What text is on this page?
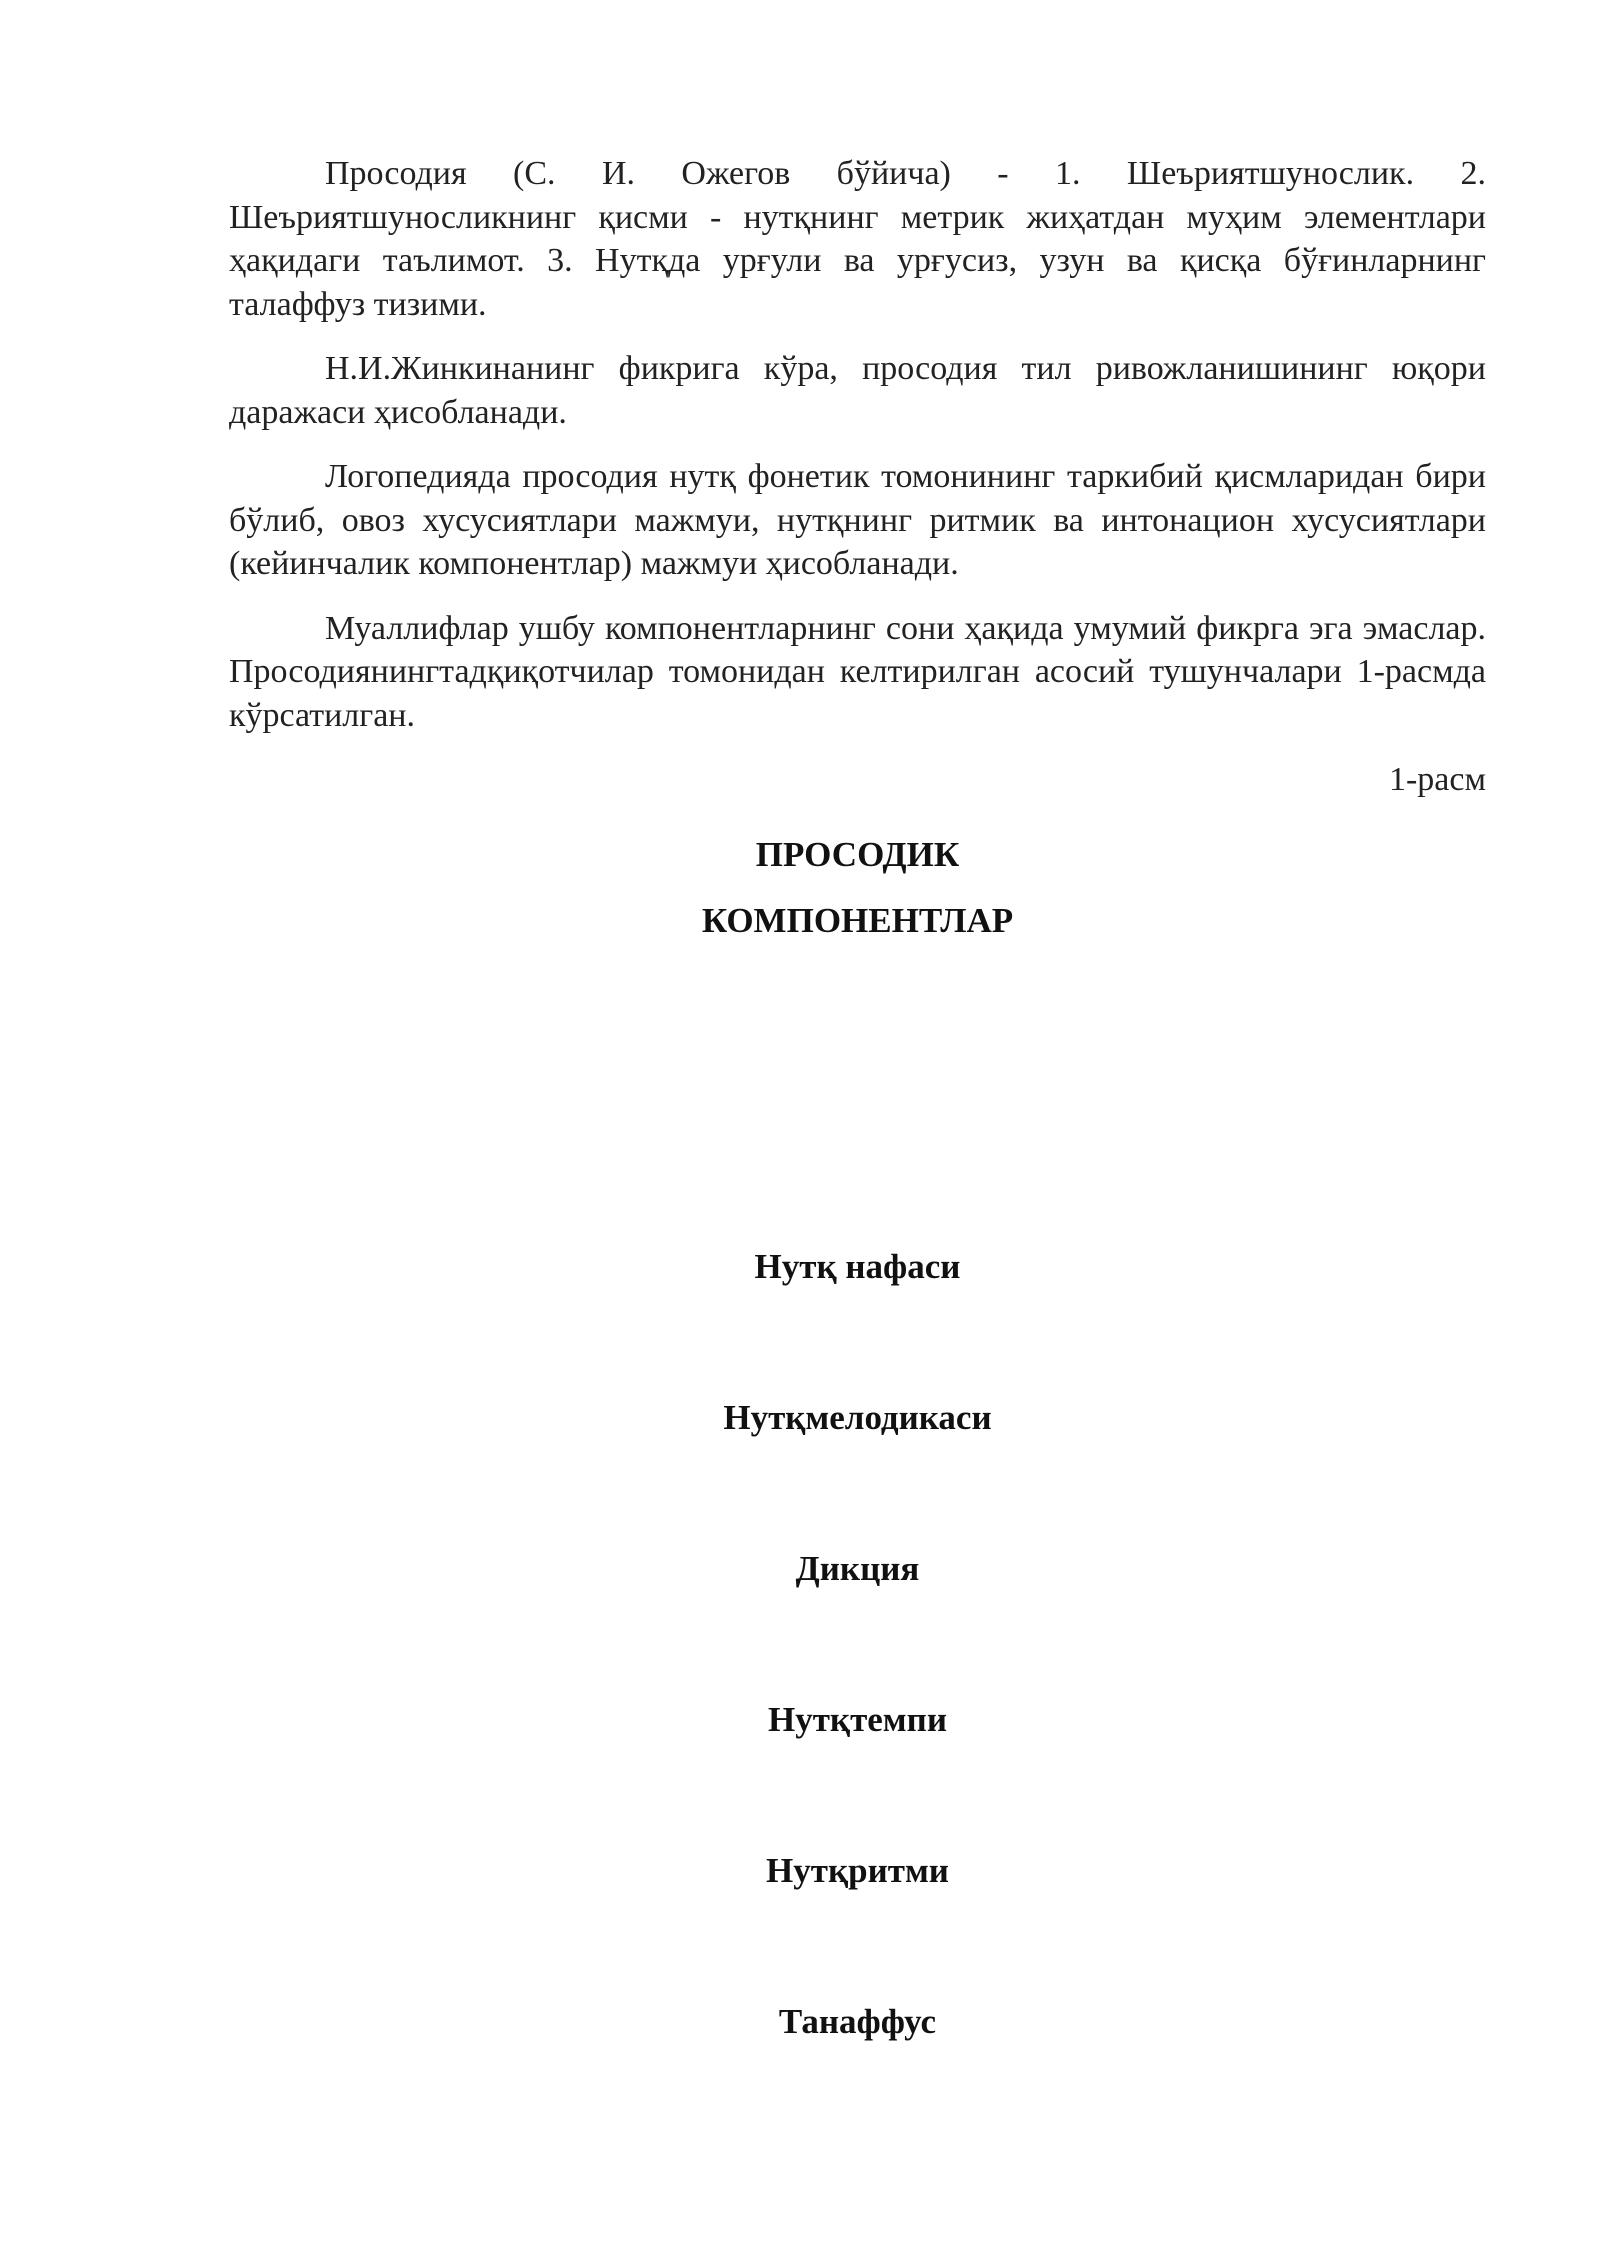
Просодия (С. И. Ожегов бўйича) - 1. Шеъриятшунослик. 2. Шеъриятшуносликнинг қисми - нутқнинг метрик жиҳатдан муҳим элементлари ҳақидаги таълимот. 3. Нутқда урғули ва урғусиз, узун ва қисқа бўғинларнинг талаффуз тизими.

Н.И.Жинкинанинг фикрига кўра, просодия тил ривожланишининг юқори даражаси ҳисобланади.

Логопедияда просодия нутқ фонетик томонининг таркибий қисмларидан бири бўлиб, овоз хусусиятлари мажмуи, нутқнинг ритмик ва интонацион хусусиятлари (кейинчалик компонентлар) мажмуи ҳисобланади.

Муаллифлар ушбу компонентларнинг сони ҳақида умумий фикрга эга эмаслар. Просодиянингтадқиқотчилар томонидан келтирилган асосий тушунчалари 1-расмда кўрсатилган.

1-расм
ПРОСОДИК
КОМПОНЕНТЛАР
Нутқ нафаси
Нутқмелодикаси
Дикция
Нутқтемпи
Нутқритми
Танаффус
